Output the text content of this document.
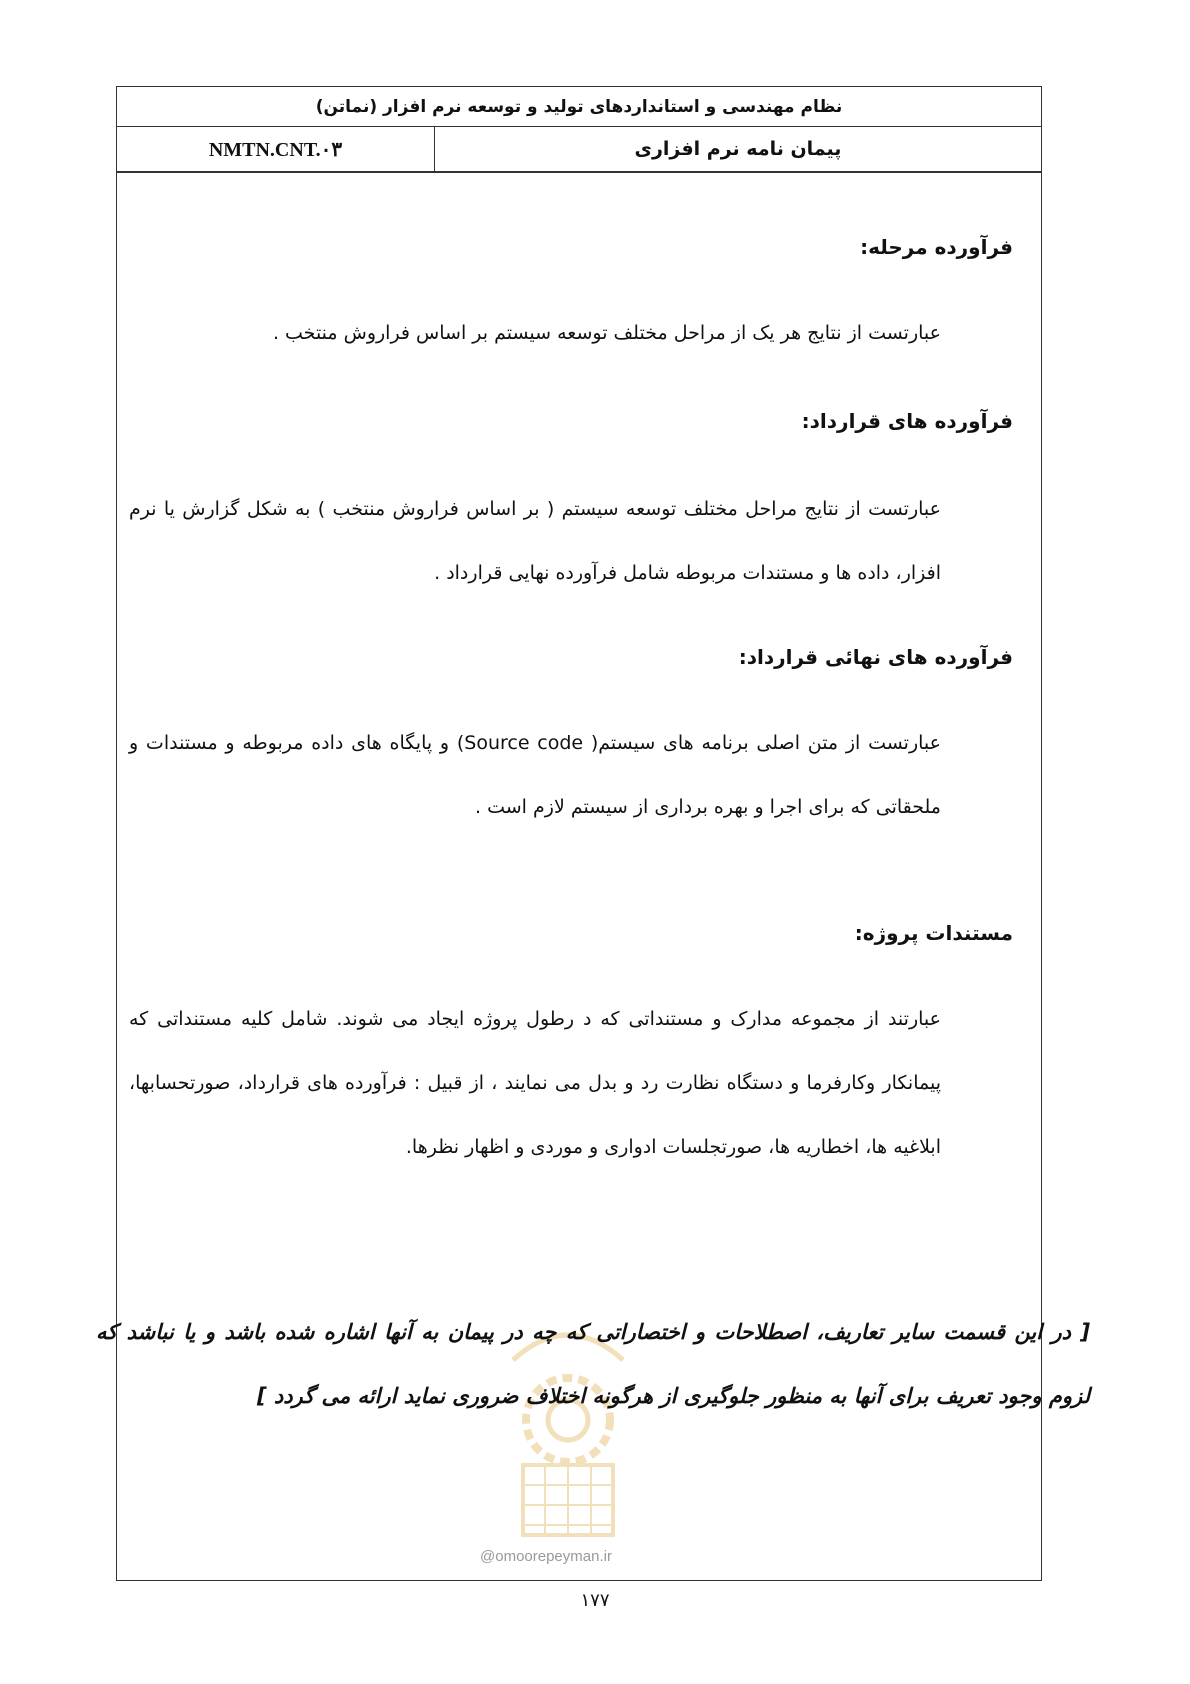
نظام مهندسی و استانداردهای تولید و توسعه نرم افزار (نماتن)
NMTN.CNT.۰۳	پیمان نامه نرم افزاری
فرآورده مرحله:
عبارتست از نتایج هر یک از مراحل مختلف توسعه سیستم بر اساس فراروش منتخب .
فرآورده های قرارداد:
عبارتست از نتایج مراحل مختلف توسعه سیستم ( بر اساس فراروش منتخب ) به شکل گزارش یا نرم افزار، داده ها و مستندات مربوطه شامل فرآورده نهایی قرارداد .
فرآورده های نهائی قرارداد:
عبارتست از متن اصلی برنامه های سیستم( Source code) و پایگاه های داده مربوطه و مستندات و ملحقاتی که برای اجرا و بهره برداری از سیستم لازم است .
مستندات پروژه:
عبارتند از مجموعه مدارک و مستنداتی که د رطول پروژه ایجاد می شوند. شامل کلیه مستنداتی که پیمانکار وکارفرما و دستگاه نظارت رد و بدل می نمایند ، از قبیل : فرآورده های قرارداد، صورتحسابها، ابلاغیه ها، اخطاریه ها، صورتجلسات ادواری و موردی و اظهار نظرها.
@omoorepeyman.ir
[ در این قسمت سایر تعاریف، اصطلاحات و اختصاراتی که چه در پیمان به آنها اشاره شده باشد و یا نباشد که لزوم وجود تعریف برای آنها به منظور جلوگیری از هرگونه اختلاف ضروری نماید ارائه می گردد ]
۱۷۷
